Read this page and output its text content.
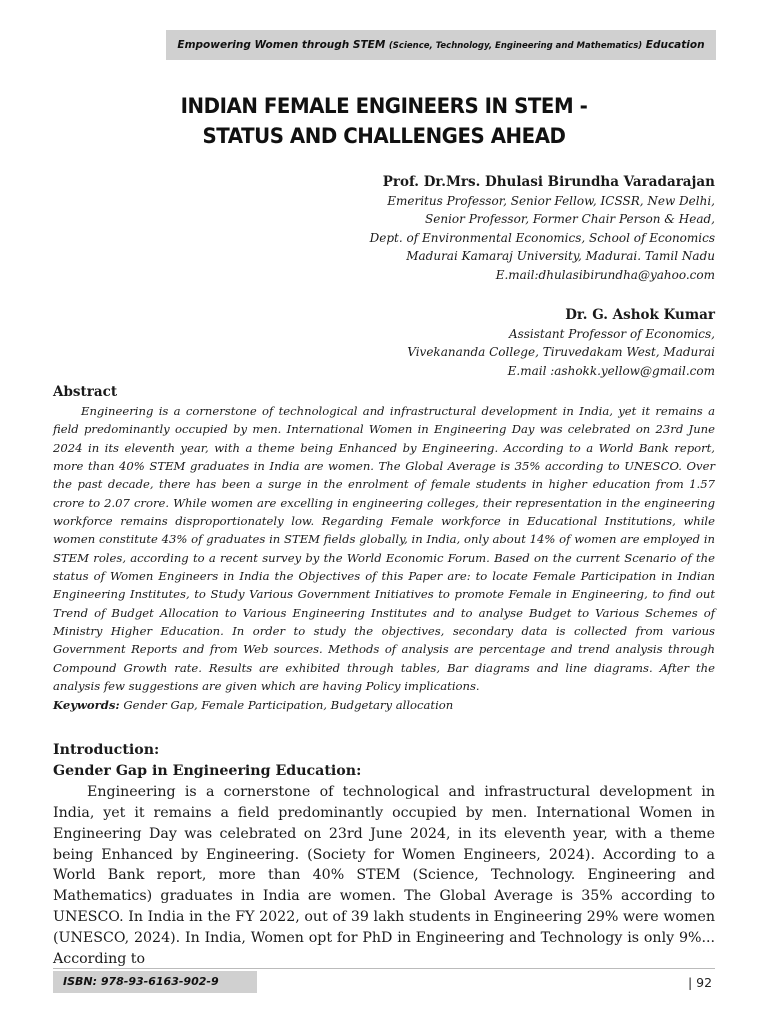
Empowering Women through STEM (Science, Technology, Engineering and Mathematics) Education
INDIAN FEMALE ENGINEERS IN STEM -
STATUS AND CHALLENGES AHEAD
Prof. Dr.Mrs. Dhulasi Birundha Varadarajan
Emeritus Professor, Senior Fellow, ICSSR, New Delhi,
Senior Professor, Former Chair Person & Head,
Dept. of Environmental Economics, School of Economics
Madurai Kamaraj University, Madurai. Tamil Nadu
E.mail:dhulasibirundha@yahoo.com
Dr. G. Ashok Kumar
Assistant Professor of Economics,
Vivekananda College, Tiruvedakam West, Madurai
E.mail :ashokk.yellow@gmail.com
Abstract

Engineering is a cornerstone of technological and infrastructural development in India, yet it remains a field predominantly occupied by men. International Women in Engineering Day was celebrated on 23rd June 2024 in its eleventh year, with a theme being Enhanced by Engineering. According to a World Bank report, more than 40% STEM graduates in India are women. The Global Average is 35% according to UNESCO. Over the past decade, there has been a surge in the enrolment of female students in higher education from 1.57 crore to 2.07 crore. While women are excelling in engineering colleges, their representation in the engineering workforce remains disproportionately low. Regarding Female workforce in Educational Institutions, while women constitute 43% of graduates in STEM fields globally, in India, only about 14% of women are employed in STEM roles, according to a recent survey by the World Economic Forum. Based on the current Scenario of the status of Women Engineers in India the Objectives of this Paper are: to locate Female Participation in Indian Engineering Institutes, to Study Various Government Initiatives to promote Female in Engineering, to find out Trend of Budget Allocation to Various Engineering Institutes and to analyse Budget to Various Schemes of Ministry Higher Education. In order to study the objectives, secondary data is collected from various Government Reports and from Web sources. Methods of analysis are percentage and trend analysis through Compound Growth rate. Results are exhibited through tables, Bar diagrams and line diagrams. After the analysis few suggestions are given which are having Policy implications.

Keywords: Gender Gap, Female Participation, Budgetary allocation

Introduction:

Gender Gap in Engineering Education:

Engineering is a cornerstone of technological and infrastructural development in India, yet it remains a field predominantly occupied by men. International Women in Engineering Day was celebrated on 23rd June 2024, in its eleventh year, with a theme being Enhanced by Engineering. (Society for Women Engineers, 2024). According to a World Bank report, more than 40% STEM (Science, Technology. Engineering and Mathematics) graduates in India are women. The Global Average is 35% according to UNESCO. In India in the FY 2022, out of 39 lakh students in Engineering 29% were women (UNESCO, 2024). In India, Women opt for PhD in Engineering and Technology is only 9%... According to

ISBN: 978-93-6163-902-9	| 92
